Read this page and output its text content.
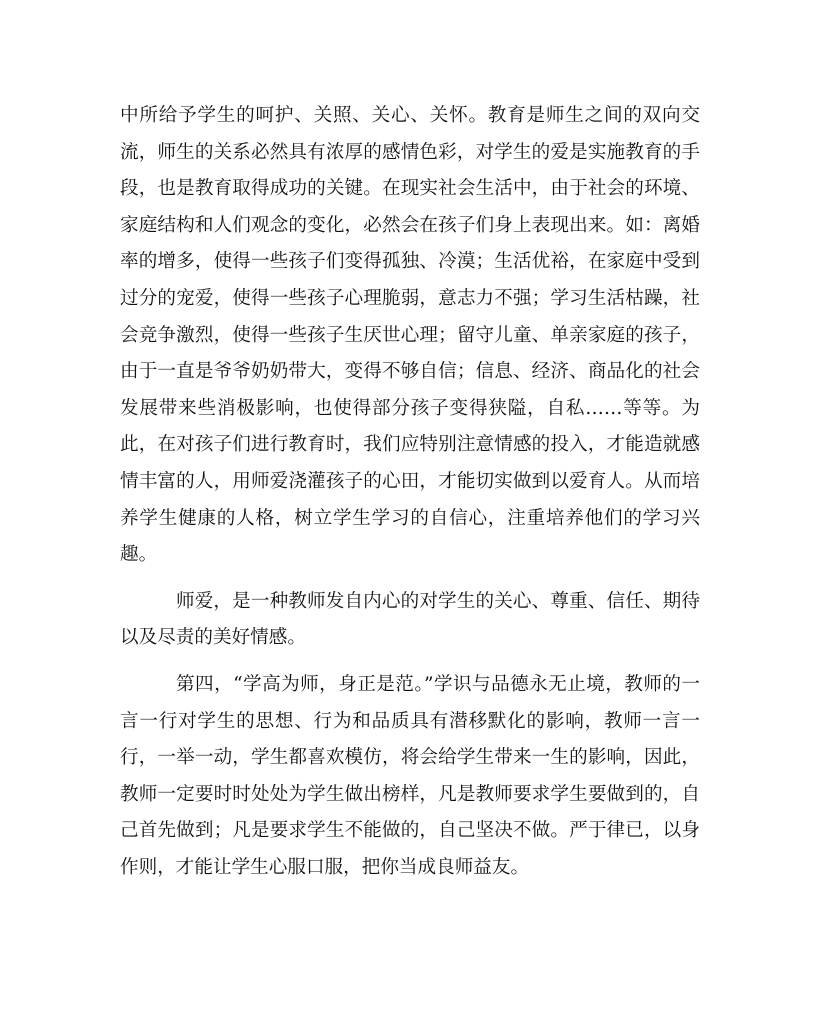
中所给予学生的呵护、关照、关心、关怀。教育是师生之间的双向交流，师生的关系必然具有浓厚的感情色彩，对学生的爱是实施教育的手段，也是教育取得成功的关键。在现实社会生活中，由于社会的环境、家庭结构和人们观念的变化，必然会在孩子们身上表现出来。如：离婚率的增多，使得一些孩子们变得孤独、冷漠；生活优裕，在家庭中受到过分的宠爱，使得一些孩子心理脆弱，意志力不强；学习生活枯躁，社会竞争激烈，使得一些孩子生厌世心理；留守儿童、单亲家庭的孩子，由于一直是爷爷奶奶带大，变得不够自信；信息、经济、商品化的社会发展带来些消极影响，也使得部分孩子变得狭隘，自私……等等。为此，在对孩子们进行教育时，我们应特别注意情感的投入，才能造就感情丰富的人，用师爱浇灌孩子的心田，才能切实做到以爱育人。从而培养学生健康的人格，树立学生学习的自信心，注重培养他们的学习兴趣。

师爱，是一种教师发自内心的对学生的关心、尊重、信任、期待以及尽责的美好情感。

第四，“学高为师，身正是范。”学识与品德永无止境，教师的一言一行对学生的思想、行为和品质具有潜移默化的影响，教师一言一行，一举一动，学生都喜欢模仿，将会给学生带来一生的影响，因此，教师一定要时时处处为学生做出榜样，凡是教师要求学生要做到的，自己首先做到；凡是要求学生不能做的，自己坚决不做。严于律已，以身作则，才能让学生心服口服，把你当成良师益友。
